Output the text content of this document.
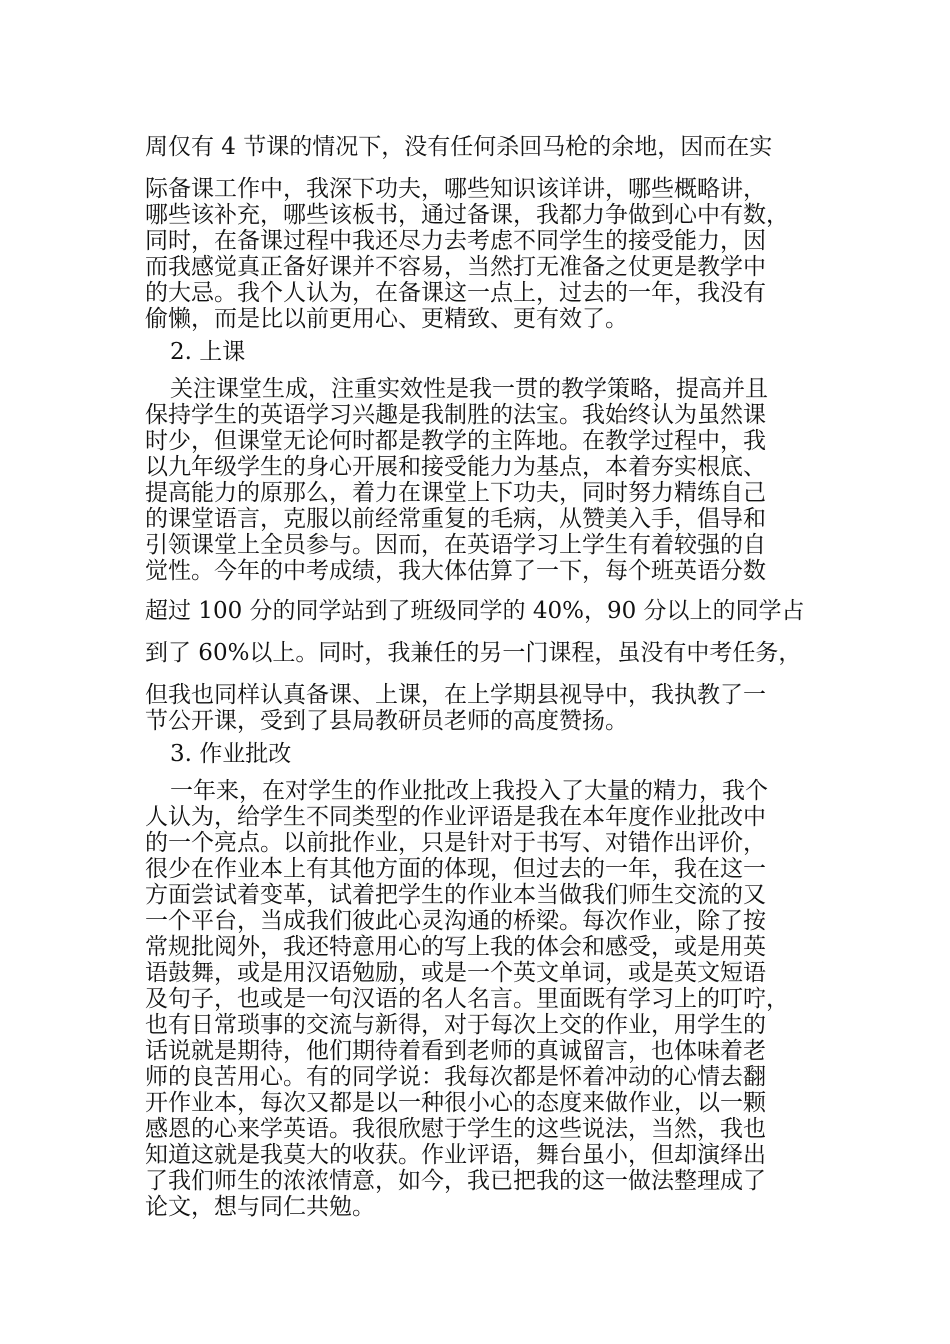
周仅有 4 节课的情况下，没有任何杀回马枪的余地，因而在实

际备课工作中，我深下功夫，哪些知识该详讲，哪些概略讲，

哪些该补充，哪些该板书，通过备课，我都力争做到心中有数，

同时，在备课过程中我还尽力去考虑不同学生的接受能力，因

而我感觉真正备好课并不容易，当然打无准备之仗更是教学中

的大忌。我个人认为，在备课这一点上，过去的一年，我没有

偷懒，而是比以前更用心、更精致、更有效了。

2. 上课

关注课堂生成，注重实效性是我一贯的教学策略，提高并且

保持学生的英语学习兴趣是我制胜的法宝。我始终认为虽然课

时少，但课堂无论何时都是教学的主阵地。在教学过程中，我

以九年级学生的身心开展和接受能力为基点，本着夯实根底、

提高能力的原那么，着力在课堂上下功夫，同时努力精练自己

的课堂语言，克服以前经常重复的毛病，从赞美入手，倡导和

引领课堂上全员参与。因而，在英语学习上学生有着较强的自

觉性。今年的中考成绩，我大体估算了一下，每个班英语分数

超过 100 分的同学站到了班级同学的 40%，90 分以上的同学占

到了 60%以上。同时，我兼任的另一门课程，虽没有中考任务，

但我也同样认真备课、上课，在上学期县视导中，我执教了一

节公开课，受到了县局教研员老师的高度赞扬。

3. 作业批改

一年来，在对学生的作业批改上我投入了大量的精力，我个

人认为，给学生不同类型的作业评语是我在本年度作业批改中

的一个亮点。以前批作业，只是针对于书写、对错作出评价，

很少在作业本上有其他方面的体现，但过去的一年，我在这一

方面尝试着变革，试着把学生的作业本当做我们师生交流的又

一个平台，当成我们彼此心灵沟通的桥梁。每次作业，除了按

常规批阅外，我还特意用心的写上我的体会和感受，或是用英

语鼓舞，或是用汉语勉励，或是一个英文单词，或是英文短语

及句子，也或是一句汉语的名人名言。里面既有学习上的叮咛，

也有日常琐事的交流与新得，对于每次上交的作业，用学生的

话说就是期待，他们期待着看到老师的真诚留言，也体味着老

师的良苦用心。有的同学说：我每次都是怀着冲动的心情去翻

开作业本，每次又都是以一种很小心的态度来做作业，以一颗

感恩的心来学英语。我很欣慰于学生的这些说法，当然，我也

知道这就是我莫大的收获。作业评语，舞台虽小，但却演绎出

了我们师生的浓浓情意，如今，我已把我的这一做法整理成了

论文，想与同仁共勉。
